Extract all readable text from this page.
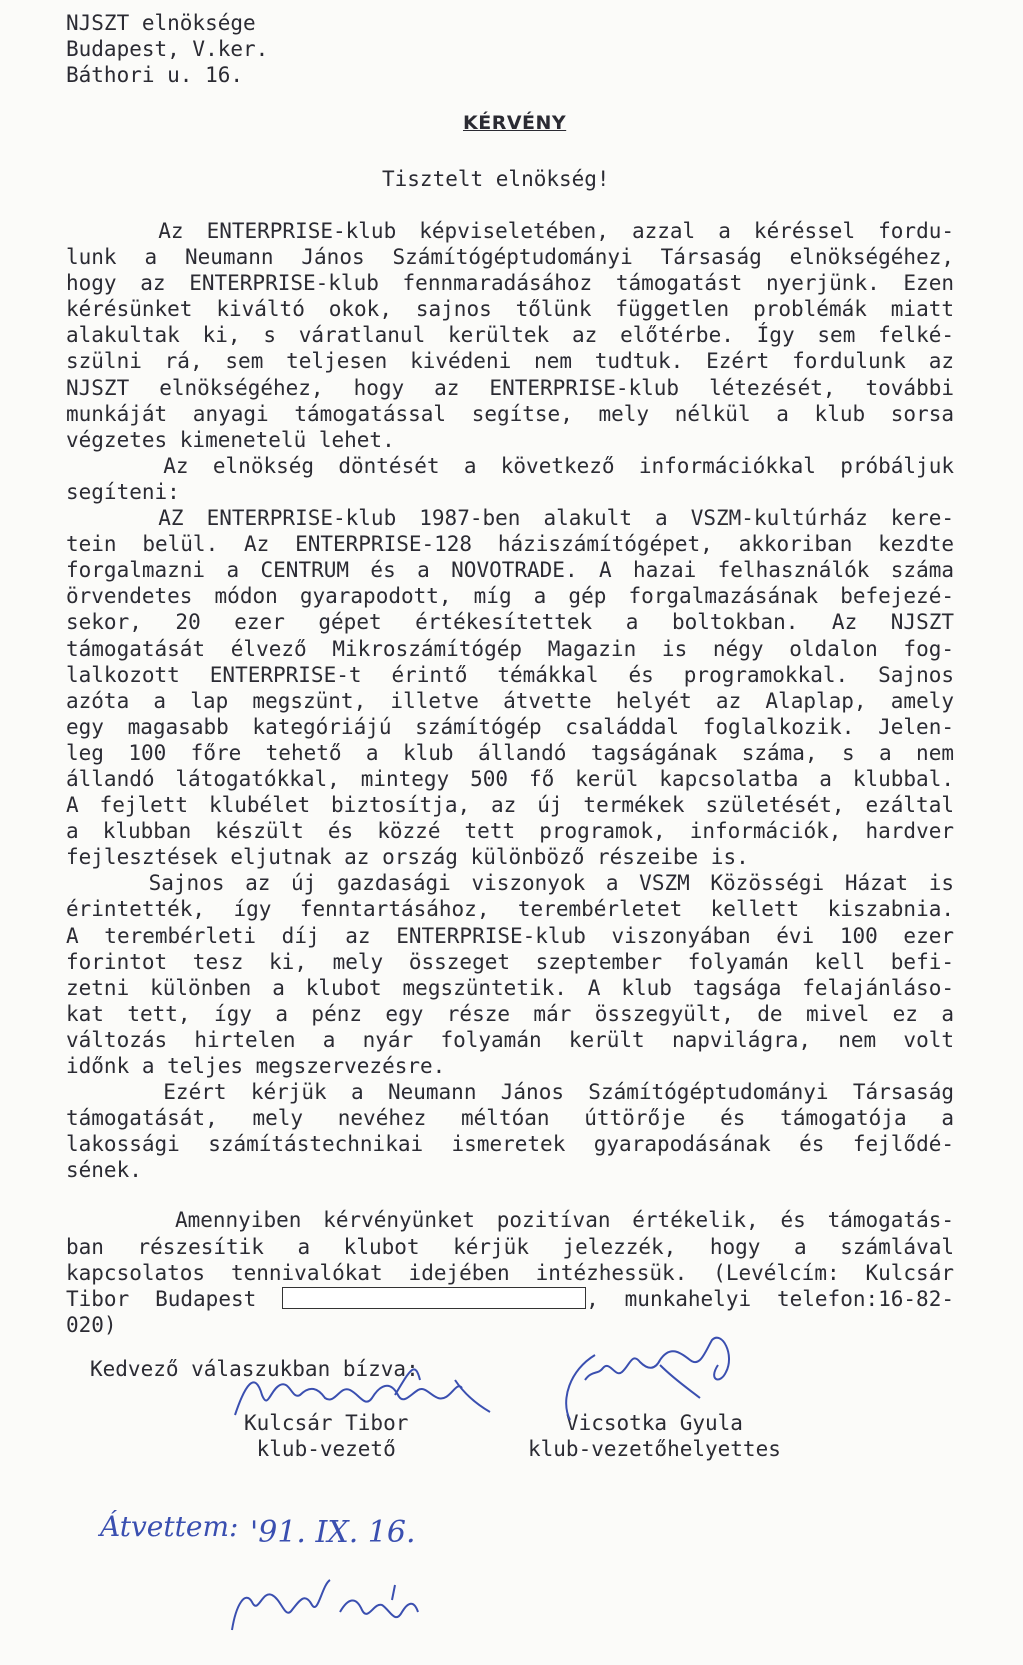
NJSZT elnöksége
Budapest, V.ker.
Báthori u. 16.
KÉRVÉNY
Tisztelt elnökség!
Az ENTERPRISE-klub képviseletében, azzal a kéréssel fordu-
lunk a Neumann János Számítógéptudományi Társaság elnökségéhez,
hogy az ENTERPRISE-klub fennmaradásához támogatást nyerjünk. Ezen
kérésünket kiváltó okok, sajnos tőlünk független problémák miatt
alakultak ki, s váratlanul kerültek az előtérbe. Így sem felké-
szülni rá, sem teljesen kivédeni nem tudtuk. Ezért fordulunk az
NJSZT elnökségéhez, hogy az ENTERPRISE-klub létezését, további
munkáját anyagi támogatással segítse, mely nélkül a klub sorsa
végzetes kimenetelü lehet.
Az elnökség döntését a következő információkkal próbáljuk
segíteni:
AZ ENTERPRISE-klub 1987-ben alakult a VSZM-kultúrház kere-
tein belül. Az ENTERPRISE-128 háziszámítógépet, akkoriban kezdte
forgalmazni a CENTRUM és a NOVOTRADE. A hazai felhasználók száma
örvendetes módon gyarapodott, míg a gép forgalmazásának befejezé-
sekor, 20 ezer gépet értékesítettek a boltokban. Az NJSZT
támogatását élvező Mikroszámítógép Magazin is négy oldalon fog-
lalkozott ENTERPRISE-t érintő témákkal és programokkal. Sajnos
azóta a lap megszünt, illetve átvette helyét az Alaplap, amely
egy magasabb kategóriájú számítógép családdal foglalkozik. Jelen-
leg 100 főre tehető a klub állandó tagságának száma, s a nem
állandó látogatókkal, mintegy 500 fő kerül kapcsolatba a klubbal.
A fejlett klubélet biztosítja, az új termékek születését, ezáltal
a klubban készült és közzé tett programok, információk, hardver
fejlesztések eljutnak az ország különböző részeibe is.
Sajnos az új gazdasági viszonyok a VSZM Közösségi Házat is
érintették, így fenntartásához, terembérletet kellett kiszabnia.
A terembérleti díj az ENTERPRISE-klub viszonyában évi 100 ezer
forintot tesz ki, mely összeget szeptember folyamán kell befi-
zetni különben a klubot megszüntetik. A klub tagsága felajánláso-
kat tett, így a pénz egy része már összegyült, de mivel ez a
változás hirtelen a nyár folyamán került napvilágra, nem volt
időnk a teljes megszervezésre.
Ezért kérjük a Neumann János Számítógéptudományi Társaság
támogatását, mely nevéhez méltóan úttörője és támogatója a
lakossági számítástechnikai ismeretek gyarapodásának és fejlődé-
sének.
Amennyiben kérvényünket pozitívan értékelik, és támogatás-
ban részesítik a klubot kérjük jelezzék, hogy a számlával
kapcsolatos tennivalókat idejében intézhessük. (Levélcím: Kulcsár
Tibor Budapest	, munkahelyi telefon:16-82-
020)
Kedvező válaszukban bízva:
Kulcsár Tibor
klub-vezető
Vicsotka Gyula
klub-vezetőhelyettes
Átvettem: '91. IX. 16.
